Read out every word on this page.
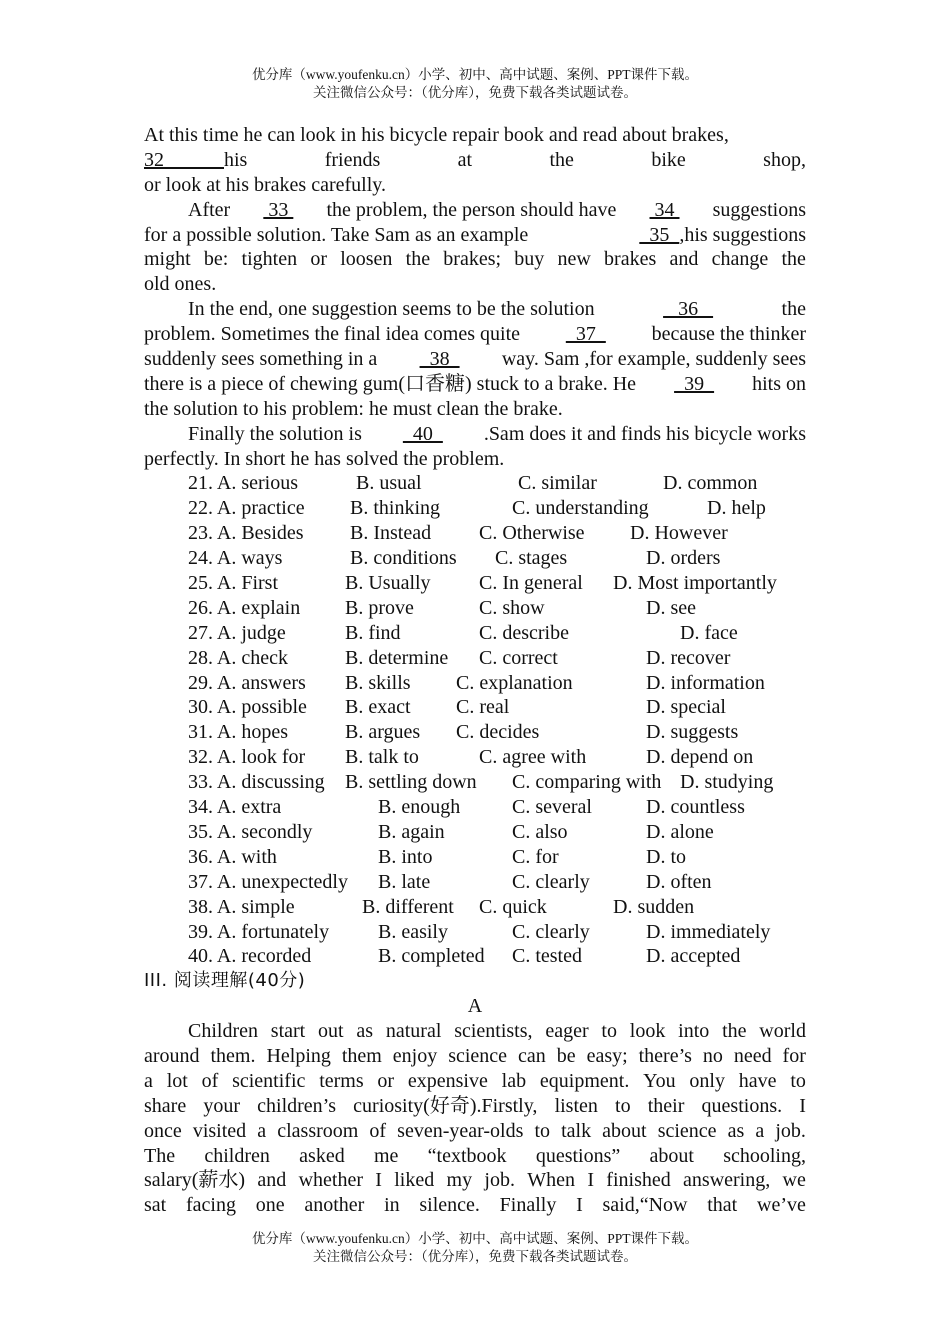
优分库（www.youfenku.cn）小学、初中、高中试题、案例、PPT课件下载。
关注微信公众号：（优分库），免费下载各类试题试卷。
At this time he can look in his bicycle repair book and read about brakes,
32            his	friends	at	the	bike	shop,
or look at his brakes carefully.
After 33 the problem, the person should have 34 suggestions
for a possible solution. Take Sam as an example	35  ,his suggestions
might be: tighten or loosen the brakes; buy new brakes and change the
old ones.
In the end, one suggestion seems to be the solution	36	the
problem. Sometimes the final idea comes quite 37 because the thinker
suddenly sees something in a 38 way. Sam ,for example, suddenly sees
there is a piece of chewing gum(口香糖) stuck to a brake. He 39 hits on
the solution to his problem: he must clean the brake.
Finally the solution is 40 .Sam does it and finds his bicycle works
perfectly. In short he has solved the problem.
21. A. serious	B. usual	C. similar	D. common
22. A. practice B. thinking	C. understanding	D. help
23. A. Besides B. Instead C. Otherwise D. However
24. A. ways	B. conditions C. stages	D. orders
25. A. First	B. Usually C. In general D. Most importantly
26. A. explain B. prove	C. show	D. see
27. A. judge	B. find	C. describe	D. face
28. A. check	B. determine C. correct	D. recover
29. A. answers B. skills C. explanation	D. information
30. A. possible B. exact C. real	D. special
31. A. hopes	B. argues C. decides	D. suggests
32. A. look for B. talk to	C. agree with	D. depend on
33. A. discussing B. settling down C. comparing with D. studying
34. A. extra	B. enough	C. several	D. countless
35. A. secondly	B. again	C. also	D. alone
36. A. with	B. into	C. for	D. to
37. A. unexpectedly B. late	C. clearly	D. often
38. A. simple	B. different C. quick	D. sudden
39. A. fortunately B. easily	C. clearly	D. immediately
40. A. recorded	B. completed C. tested	D. accepted
III. 阅读理解(40分)
A
Children start out as natural scientists, eager to look into the world
around them. Helping them enjoy science can be easy; there’s no need for
a lot of scientific terms or expensive lab equipment. You only have to
share your children’s curiosity(好奇).Firstly, listen to their questions. I
once visited a classroom of seven-year-olds to talk about science as a job.
The children asked me “textbook questions” about schooling,
salary(薪水) and whether I liked my job. When I finished answering, we
sat facing one another in silence. Finally I said,“Now that we’ve
优分库（www.youfenku.cn）小学、初中、高中试题、案例、PPT课件下载。
关注微信公众号：（优分库），免费下载各类试题试卷。
